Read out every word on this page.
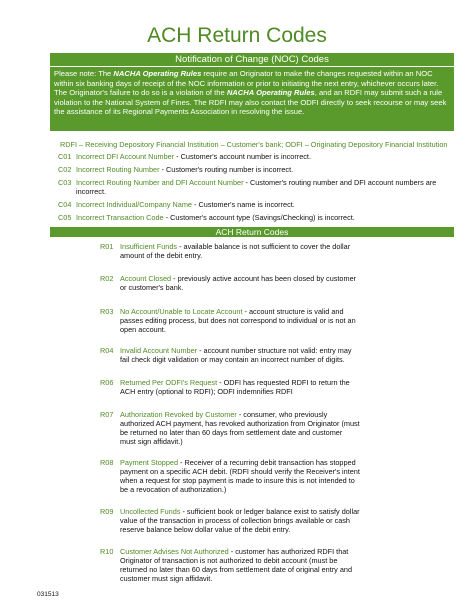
ACH Return Codes
Notification of Change (NOC) Codes
Please note: The NACHA Operating Rules require an Originator to make the changes requested within an NOC within six banking days of receipt of the NOC information or prior to initiating the next entry, whichever occurs later. The Originator's failure to do so is a violation of the NACHA Operating Rules, and an RDFI may submit such a rule violation to the National System of Fines. The RDFI may also contact the ODFI directly to seek recourse or may seek the assistance of its Regional Payments Association in resolving the issue.
RDFI – Receiving Depository Financial Institution – Customer's bank; ODFI – Originating Depository Financial Institution
C01 Incorrect DFI Account Number - Customer's account number is incorrect.
C02 Incorrect Routing Number - Customer's routing number is incorrect.
C03 Incorrect Routing Number and DFI Account Number - Customer's routing number and DFI account numbers are incorrect.
C04 Incorrect Individual/Company Name - Customer's name is incorrect.
C05 Incorrect Transaction Code - Customer's account type (Savings/Checking) is incorrect.
ACH Return Codes
R01 Insufficient Funds - available balance is not sufficient to cover the dollar amount of the debit entry.
R02 Account Closed - previously active account has been closed by customer or customer's bank.
R03 No Account/Unable to Locate Account - account structure is valid and passes editing process, but does not correspond to individual or is not an open account.
R04 Invalid Account Number - account number structure not valid: entry may fail check digit validation or may contain an incorrect number of digits.
R06 Returned Per ODFI's Request - ODFI has requested RDFI to return the ACH entry (optional to RDFI); ODFI indemnifies RDFI
R07 Authorization Revoked by Customer - consumer, who previously authorized ACH payment, has revoked authorization from Originator (must be returned no later than 60 days from settlement date and customer must sign affidavit.)
R08 Payment Stopped - Receiver of a recurring debit transaction has stopped payment on a specific ACH debit. (RDFI should verify the Receiver's intent when a request for stop payment is made to insure this is not intended to be a revocation of authorization.)
R09 Uncollected Funds - sufficient book or ledger balance exist to satisfy dollar value of the transaction in process of collection brings available or cash reserve balance below dollar value of the debit entry.
R10 Customer Advises Not Authorized - customer has authorized RDFI that Originator of transaction is not authorized to debit account (must be returned no later than 60 days from settlement date of original entry and customer must sign affidavit.
031513
